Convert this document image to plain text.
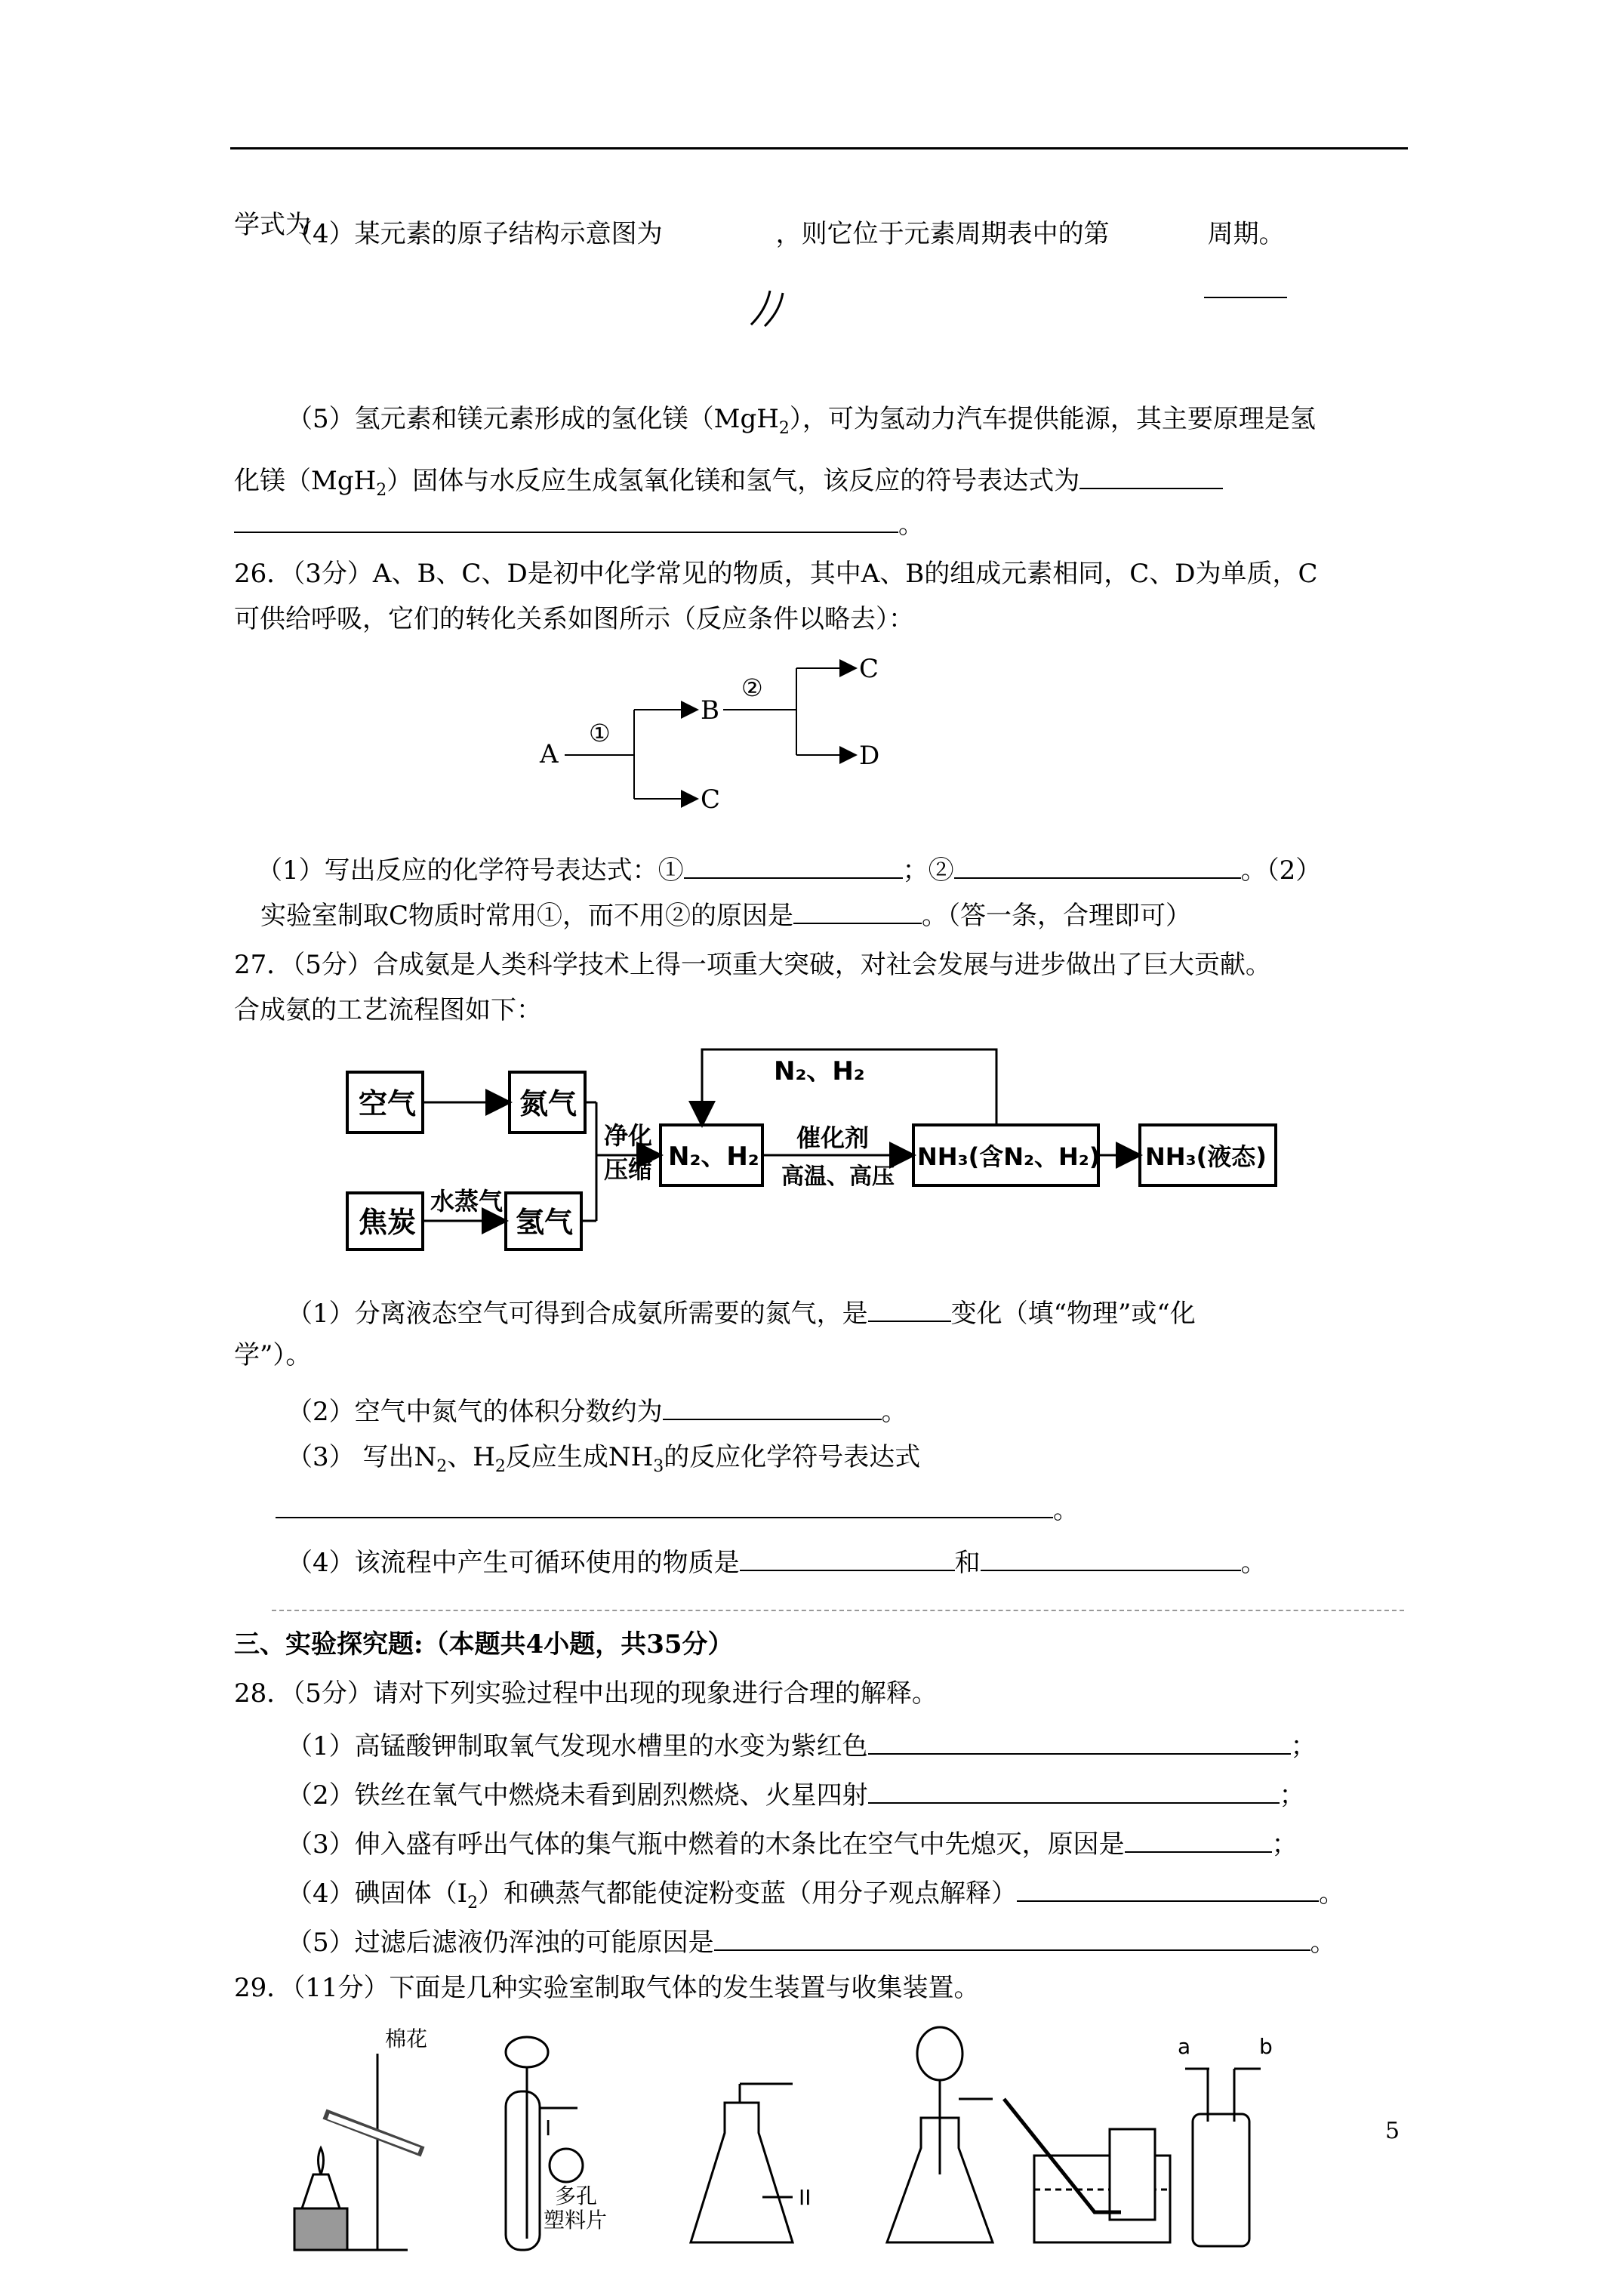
学式为
（4）某元素的原子结构示意图为	，则它位于元素周期表中的第	周期。
（5）氢元素和镁元素形成的氢化镁（MgH$_2$），可为氢动力汽车提供能源，其主要原理是氢
化镁（MgH$_2$）固体与水反应生成氢氧化镁和氢气，该反应的符号表达式为
。
26．（3分）A、B、C、D是初中化学常见的物质，其中A、B的组成元素相同，C、D为单质，C
可供给呼吸，它们的转化关系如图所示（反应条件以略去）：
A
①
B
C
②
C
D
（1）写出反应的化学符号表达式：①	；②	。（2）
实验室制取C物质时常用①，而不用②的原因是	。（答一条，合理即可）
27．（5分）合成氨是人类科学技术上得一项重大突破，对社会发展与进步做出了巨大贡献。
合成氨的工艺流程图如下：
空气	氮气
焦炭
水蒸气
氢气
净化
压缩 N₂、H₂
催化剂
高温、高压
N₂、H₂
NH₃(含N₂、H₂) NH₃(液态)
（1）分离液态空气可得到合成氨所需要的氮气，是	变化（填“物理”或“化
学”）。
（2）空气中氮气的体积分数约为	。
（3） 写出$N_2$、$H_2$反应生成$NH_3$的反应化学符号表达式
。
（4）该流程中产生可循环使用的物质是	和	。
三、实验探究题:（本题共4小题，共35分）
28．（5分）请对下列实验过程中出现的现象进行合理的解释。
（1）高锰酸钾制取氧气发现水槽里的水变为紫红色	；
（2）铁丝在氧气中燃烧未看到剧烈燃烧、火星四射	；
（3）伸入盛有呼出气体的集气瓶中燃着的木条比在空气中先熄灭，原因是	；
（4）碘固体$(I_2)$和碘蒸气都能使淀粉变蓝（用分子观点解释）	。
（5）过滤后滤液仍浑浊的可能原因是	。
29．（11分）下面是几种实验室制取气体的发生装置与收集装置。
棉花
I
II
多孔
塑料片
a	b
5
